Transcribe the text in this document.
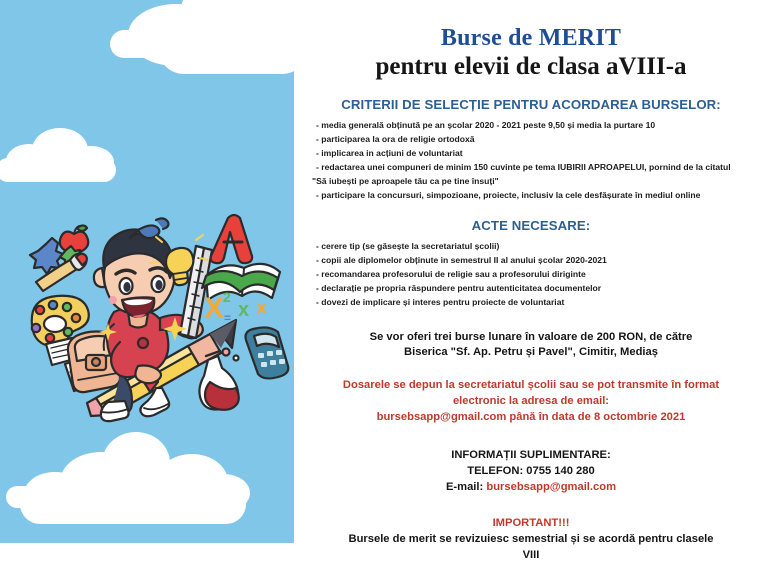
X
2
= x x
Burse de MERIT
pentru elevii de clasa aVIII-a
CRITERII DE SELECȚIE PENTRU ACORDAREA BURSELOR:
- media generală obținută pe an școlar 2020 - 2021 peste 9,50 și media la purtare 10
- participarea la ora de religie ortodoxă
- implicarea in acțiuni de voluntariat
- redactarea unei compuneri de minim 150 cuvinte pe tema IUBIRII APROAPELUI, pornind de la citatul
"Să iubești pe aproapele tău ca pe tine însuți"
- participare la concursuri, simpozioane, proiecte, inclusiv la cele desfășurate în mediul online
ACTE NECESARE:
- cerere tip (se găsește la secretariatul școlii)
- copii ale diplomelor obținute in semestrul II al anului școlar 2020-2021
- recomandarea profesorului de religie sau a profesorului diriginte
- declarație pe propria răspundere pentru autenticitatea documentelor
- dovezi de implicare și interes pentru proiecte de voluntariat
Se vor oferi trei burse lunare în valoare de 200 RON, de către
Biserica "Sf. Ap. Petru și Pavel", Cimitir, Mediaș
Dosarele se depun la secretariatul școlii sau se pot transmite în format
electronic la adresa de email:
bursebsapp@gmail.com până în data de 8 octombrie 2021
INFORMAȚII SUPLIMENTARE:
TELEFON: 0755 140 280
E-mail: bursebsapp@gmail.com
IMPORTANT!!!
Bursele de merit se revizuiesc semestrial și se acordă pentru clasele
VIII
